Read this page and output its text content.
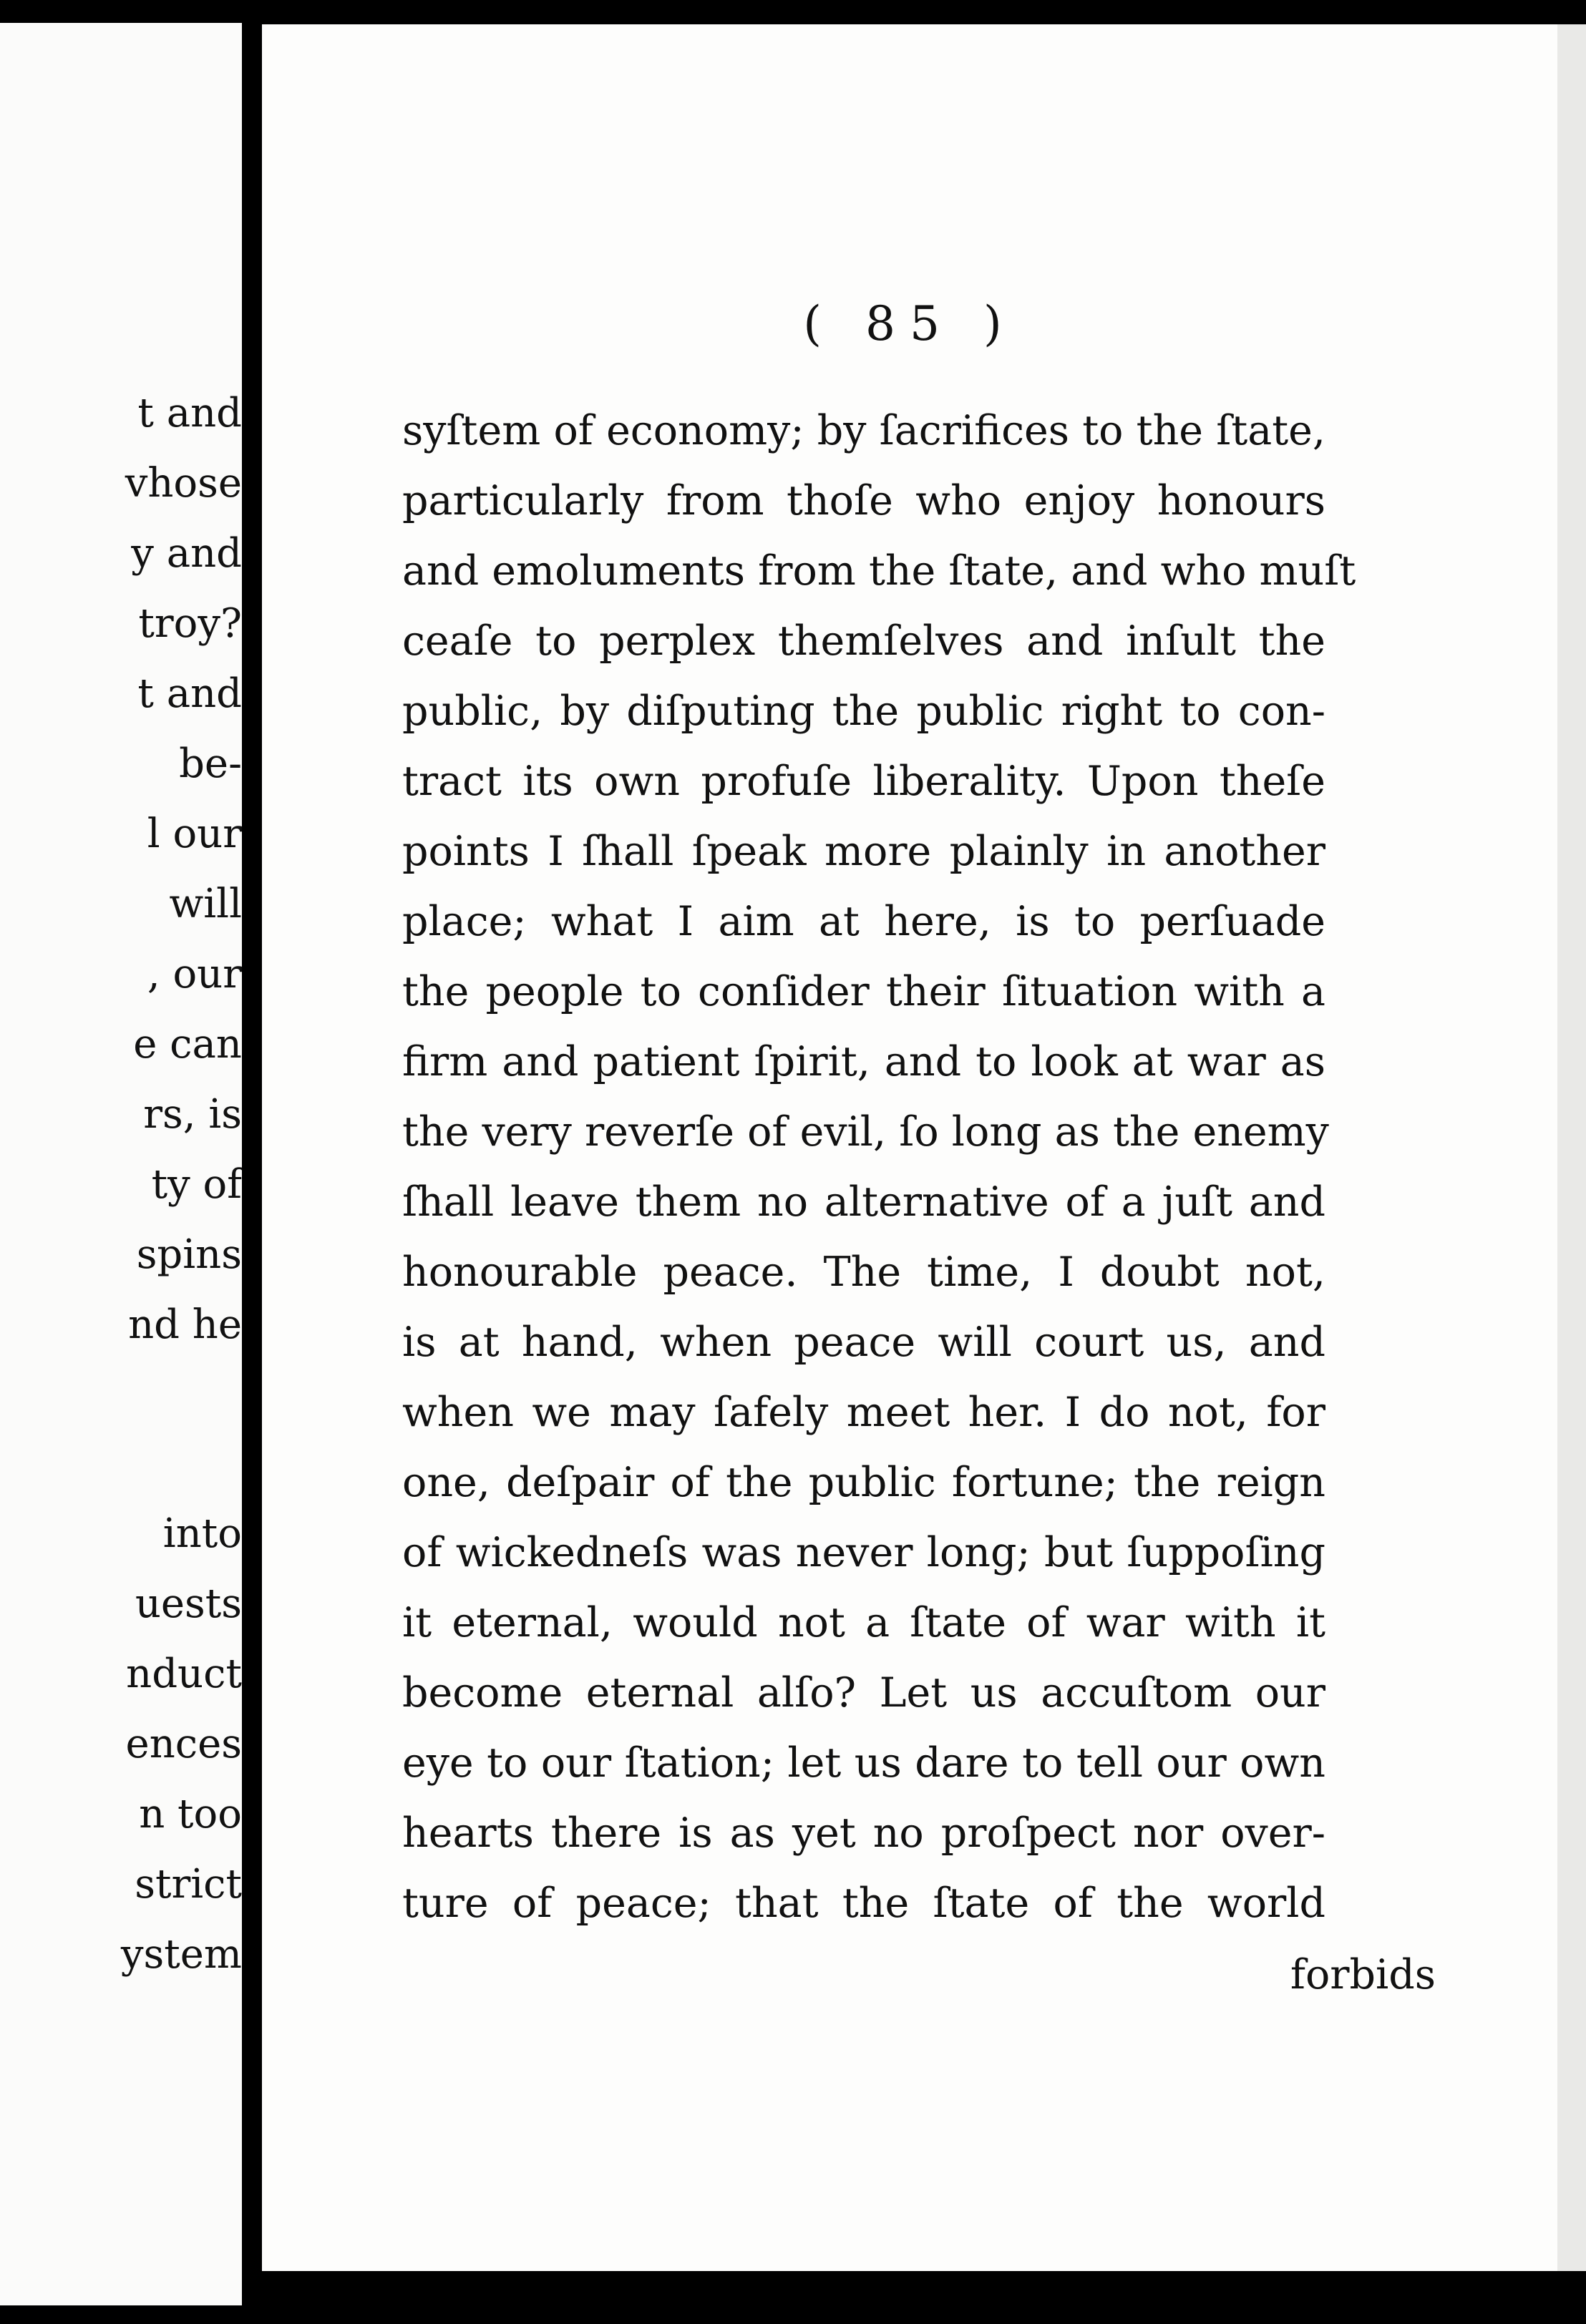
t and
vhose
y and
troy?
t and
be-
l our
will
, our
e can
rs, is
ty of
spins
nd he
into
uests
nduct
ences
n too
strict
ystem
( 85 )
syſtem of economy; by ſacrifices to the ſtate,
particularly from thoſe who enjoy honours
and emoluments from the ſtate, and who muſt
ceaſe to perplex themſelves and inſult the
public, by diſputing the public right to con-
tract its own profuſe liberality. Upon theſe
points I ſhall ſpeak more plainly in another
place; what I aim at here, is to perſuade
the people to conſider their ſituation with a
firm and patient ſpirit, and to look at war as
the very reverſe of evil, ſo long as the enemy
ſhall leave them no alternative of a juſt and
honourable peace. The time, I doubt not,
is at hand, when peace will court us, and
when we may ſafely meet her. I do not, for
one, deſpair of the public fortune; the reign
of wickedneſs was never long; but ſuppoſing
it eternal, would not a ſtate of war with it
become eternal alſo? Let us accuſtom our
eye to our ſtation; let us dare to tell our own
hearts there is as yet no proſpect nor over-
ture of peace; that the ſtate of the world
forbids
